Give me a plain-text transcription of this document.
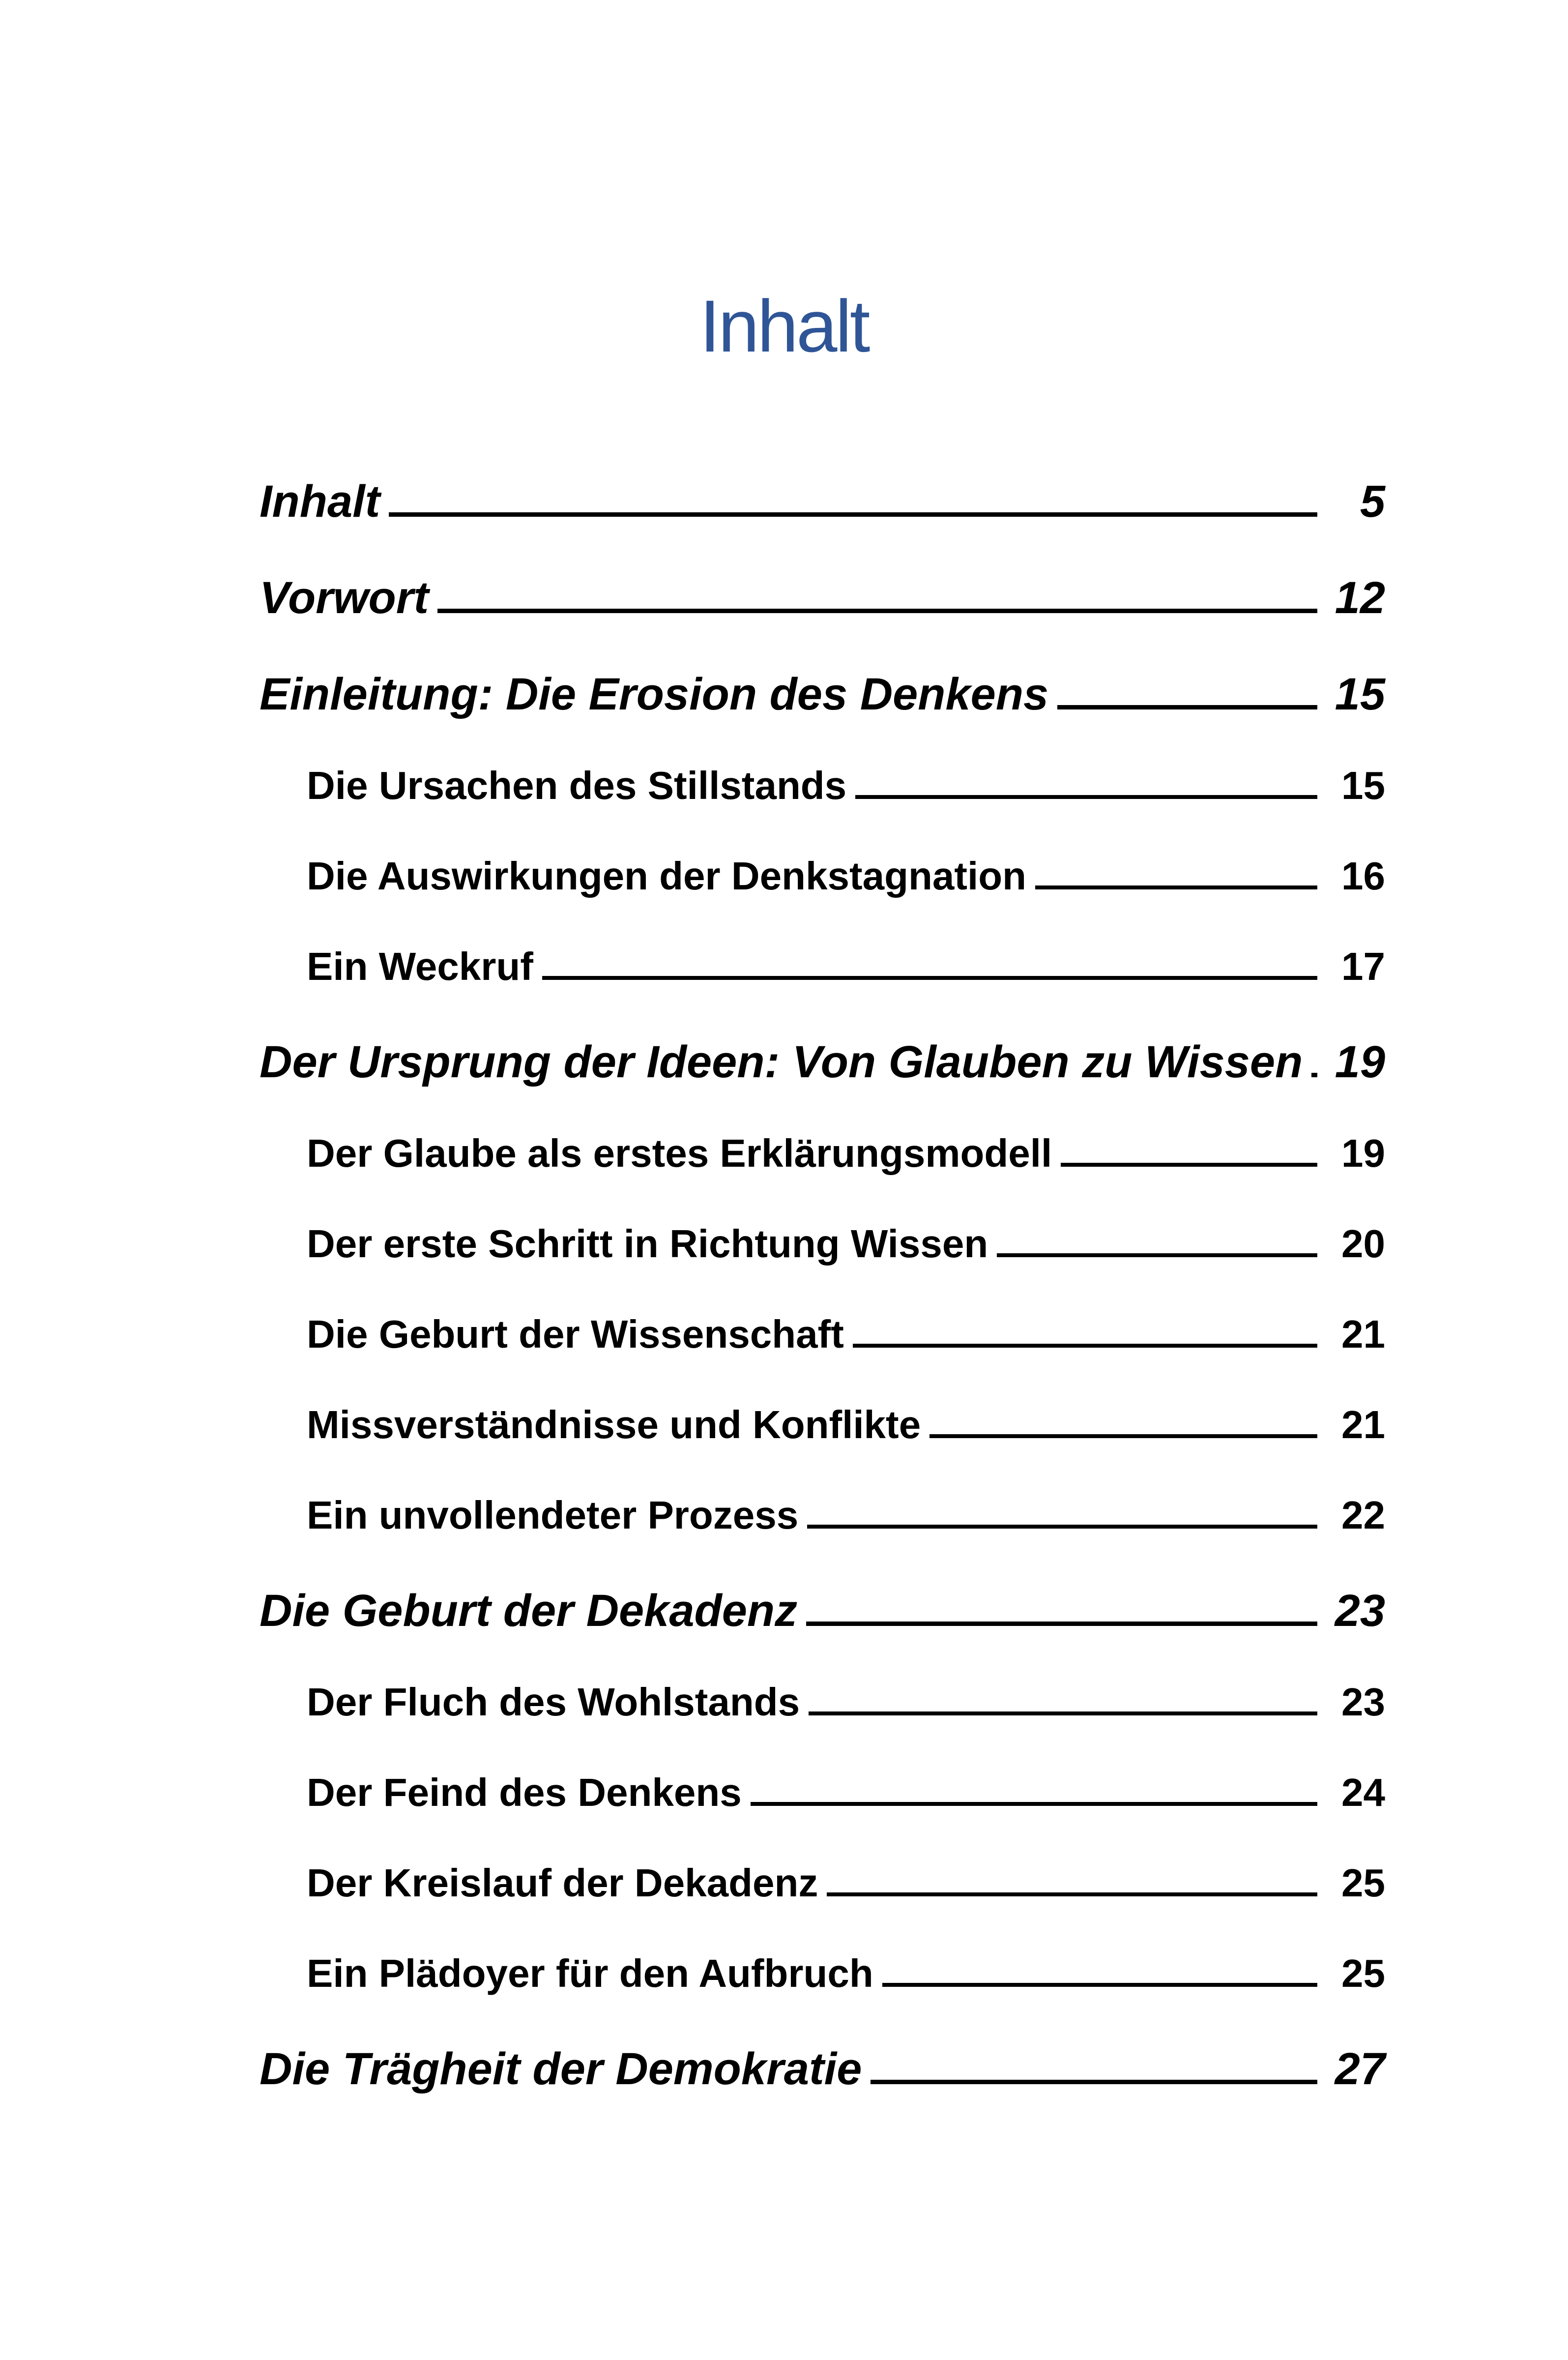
Inhalt
Inhalt	5
Vorwort	12
Einleitung: Die Erosion des Denkens	15
Die Ursachen des Stillstands	15
Die Auswirkungen der Denkstagnation	16
Ein Weckruf	17
Der Ursprung der Ideen: Von Glauben zu Wissen 19
Der Glaube als erstes Erklärungsmodell	19
Der erste Schritt in Richtung Wissen	20
Die Geburt der Wissenschaft	21
Missverständnisse und Konflikte	21
Ein unvollendeter Prozess	22
Die Geburt der Dekadenz	23
Der Fluch des Wohlstands	23
Der Feind des Denkens	24
Der Kreislauf der Dekadenz	25
Ein Plädoyer für den Aufbruch	25
Die Trägheit der Demokratie	27
